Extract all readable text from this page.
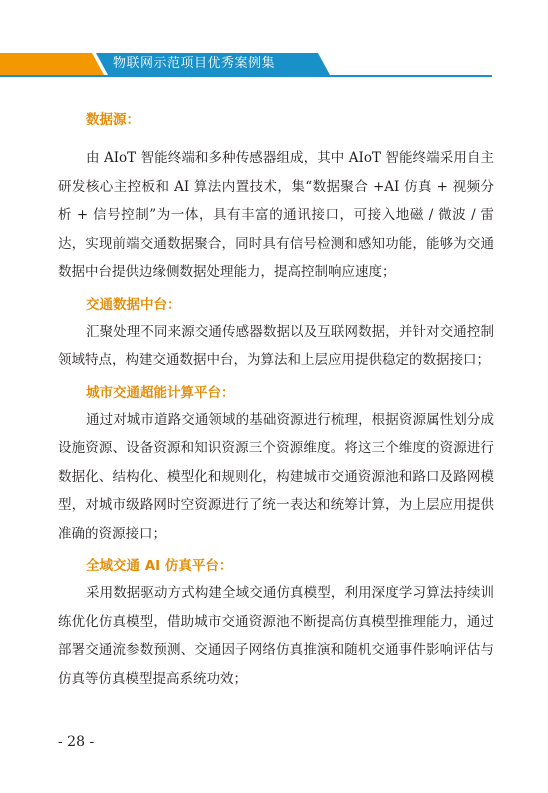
物联网示范项目优秀案例集
数据源：

由 AIoT 智能终端和多种传感器组成，其中 AIoT 智能终端采用自主研发核心主控板和 AI 算法内置技术，集“数据聚合 +AI 仿真 + 视频分析 + 信号控制”为一体，具有丰富的通讯接口，可接入地磁 / 微波 / 雷达，实现前端交通数据聚合，同时具有信号检测和感知功能，能够为交通数据中台提供边缘侧数据处理能力，提高控制响应速度；

交通数据中台：

汇聚处理不同来源交通传感器数据以及互联网数据，并针对交通控制领域特点，构建交通数据中台，为算法和上层应用提供稳定的数据接口；

城市交通超能计算平台：

通过对城市道路交通领域的基础资源进行梳理，根据资源属性划分成设施资源、设备资源和知识资源三个资源维度。将这三个维度的资源进行数据化、结构化、模型化和规则化，构建城市交通资源池和路口及路网模型，对城市级路网时空资源进行了统一表达和统筹计算，为上层应用提供准确的资源接口；

全域交通 AI 仿真平台：

采用数据驱动方式构建全域交通仿真模型，利用深度学习算法持续训练优化仿真模型，借助城市交通资源池不断提高仿真模型推理能力，通过部署交通流参数预测、交通因子网络仿真推演和随机交通事件影响评估与仿真等仿真模型提高系统功效；

- 28 -
